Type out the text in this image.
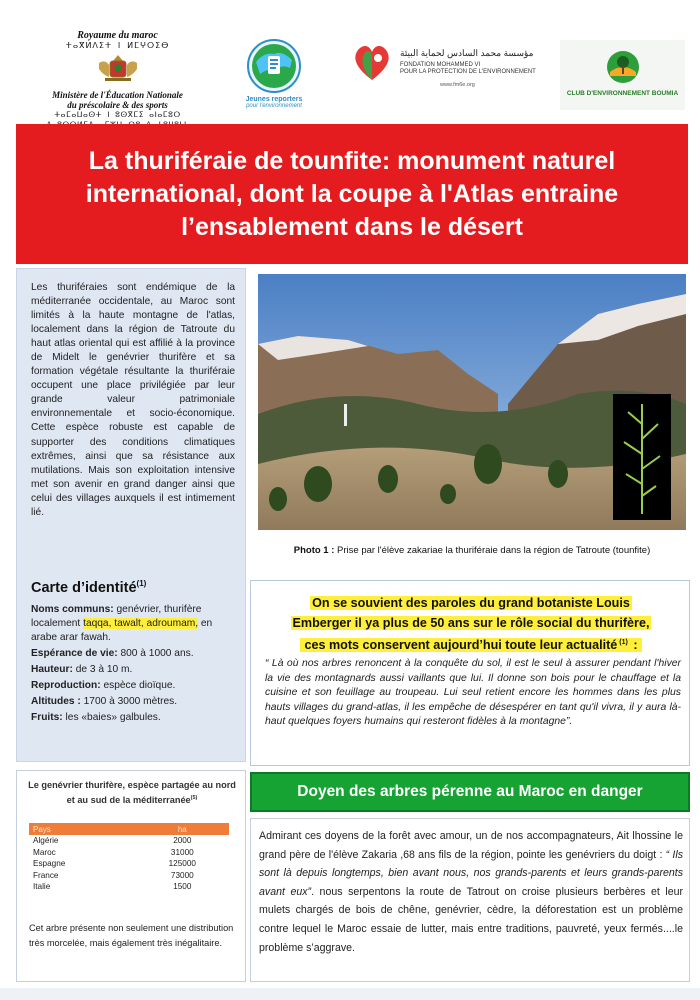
Royaume du maroc
ⵜⴰⴳⵍⴷⵉⵜ ⵏ ⵍⵎⵖⵔⵉⴱ
Ministère de l'Éducation Nationale
du préscolaire & des sports
ⵜⴰⵎⴰⵡⴰⵙⵜ ⵏ ⵓⵙⴳⵎⵉ ⴰⵏⴰⵎⵓⵔ
Jeunes reporters
pour l'environnement
مؤسسة محمد السادس لحماية البيئة
FONDATION MOHAMMED VI
POUR LA PROTECTION DE L'ENVIRONNEMENT
www.fm6e.org
CLUB D'ENVIRONNEMENT BOUMIA
La thuriféraie de tounfite: monument naturel
international, dont la coupe à l'Atlas entraine
l’ensablement dans le désert
Les thuriféraies sont endémique de la méditerranée occidentale, au Maroc sont limités à la haute montagne de l'atlas, localement dans la région de Tatroute du haut atlas oriental qui est affilié à la province de Midelt le genévrier thurifère et sa formation végétale résultante la thuriféraie occupent une place privilégiée par leur grande valeur patrimoniale environnementale et socio-économique. Cette espèce robuste est capable de supporter des conditions climatiques extrêmes, ainsi que sa résistance aux mutilations. Mais son exploitation intensive met son avenir en grand danger ainsi que celui des villages auxquels il est intimement lié.
Carte d’identité$^{(1)}$
Noms communs: genévrier, thurifère localement taqqa, tawalt, adroumam, en arabe arar fawah.
Espérance de vie: 800 à 1000 ans.
Hauteur: de 3 à 10 m.
Reproduction: espèce dioïque.
Altitudes : 1700 à 3000 mètres.
Fruits: les «baies» galbules.
Photo 1 : Prise par l'élève zakariae la thuriféraie dans la région de Tatroute (tounfite)
On se souvient des paroles du grand botaniste Louis
Emberger il ya plus de 50 ans sur le rôle social du thurifère,
ces mots conservent aujourd’hui toute leur actualité $^{(1)}$ :
“ Là où nos arbres renoncent à la conquête du sol, il est le seul à assurer pendant l'hiver la vie des montagnards aussi vaillants que lui. Il donne son bois pour le chauffage et la cuisine et son feuillage au troupeau. Lui seul retient encore les hommes dans les plus hauts villages du grand-atlas, il les empêche de désespérer en tant qu'il vivra, il y aura là-haut quelques foyers humains qui resteront fidèles à la montagne”.
Le genévrier thurifère, espèce partagée au nord et au sud de la méditerranée$^{(5)}$
Pays	ha
Algérie	2000
Maroc	31000
Espagne	125000
France	73000
Italie	1500
Cet arbre présente non seulement une distribution très morcelée, mais également très inégalitaire.
Doyen des arbres pérenne au Maroc en danger

Admirant ces doyens de la forêt avec amour, un de nos accompagnateurs, Ait lhossine le grand père de l'élève Zakaria ,68 ans fils de la région, pointe les genévriers du doigt : “ Ils sont là depuis longtemps, bien avant nous, nos grands-parents et leurs grands-parents avant eux”. nous serpentons la route de Tatrout on croise plusieurs berbères et leur mulets chargés de bois de chêne, genévrier, cèdre, la déforestation est un problème contre lequel le Maroc essaie de lutter, mais entre traditions, pauvreté, yeux fermés....le problème s’aggrave.
